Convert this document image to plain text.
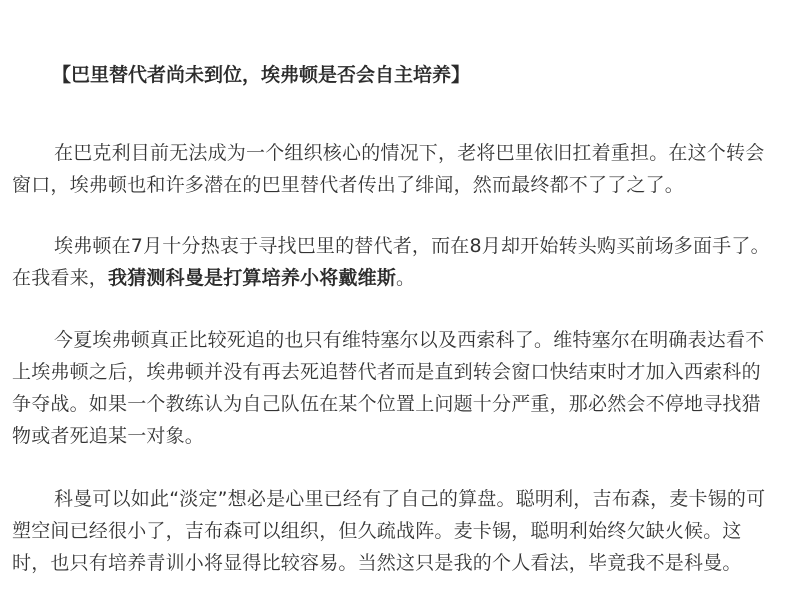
【巴里替代者尚未到位，埃弗顿是否会自主培养】

在巴克利目前无法成为一个组织核心的情况下，老将巴里依旧扛着重担。在这个转会窗口，埃弗顿也和许多潜在的巴里替代者传出了绯闻，然而最终都不了了之了。

埃弗顿在7月十分热衷于寻找巴里的替代者，而在8月却开始转头购买前场多面手了。在我看来，我猜测科曼是打算培养小将戴维斯。

今夏埃弗顿真正比较死追的也只有维特塞尔以及西索科了。维特塞尔在明确表达看不上埃弗顿之后，埃弗顿并没有再去死追替代者而是直到转会窗口快结束时才加入西索科的争夺战。如果一个教练认为自己队伍在某个位置上问题十分严重，那必然会不停地寻找猎物或者死追某一对象。

科曼可以如此“淡定”想必是心里已经有了自己的算盘。聪明利，吉布森，麦卡锡的可塑空间已经很小了，吉布森可以组织，但久疏战阵。麦卡锡，聪明利始终欠缺火候。这时，也只有培养青训小将显得比较容易。当然这只是我的个人看法，毕竟我不是科曼。
